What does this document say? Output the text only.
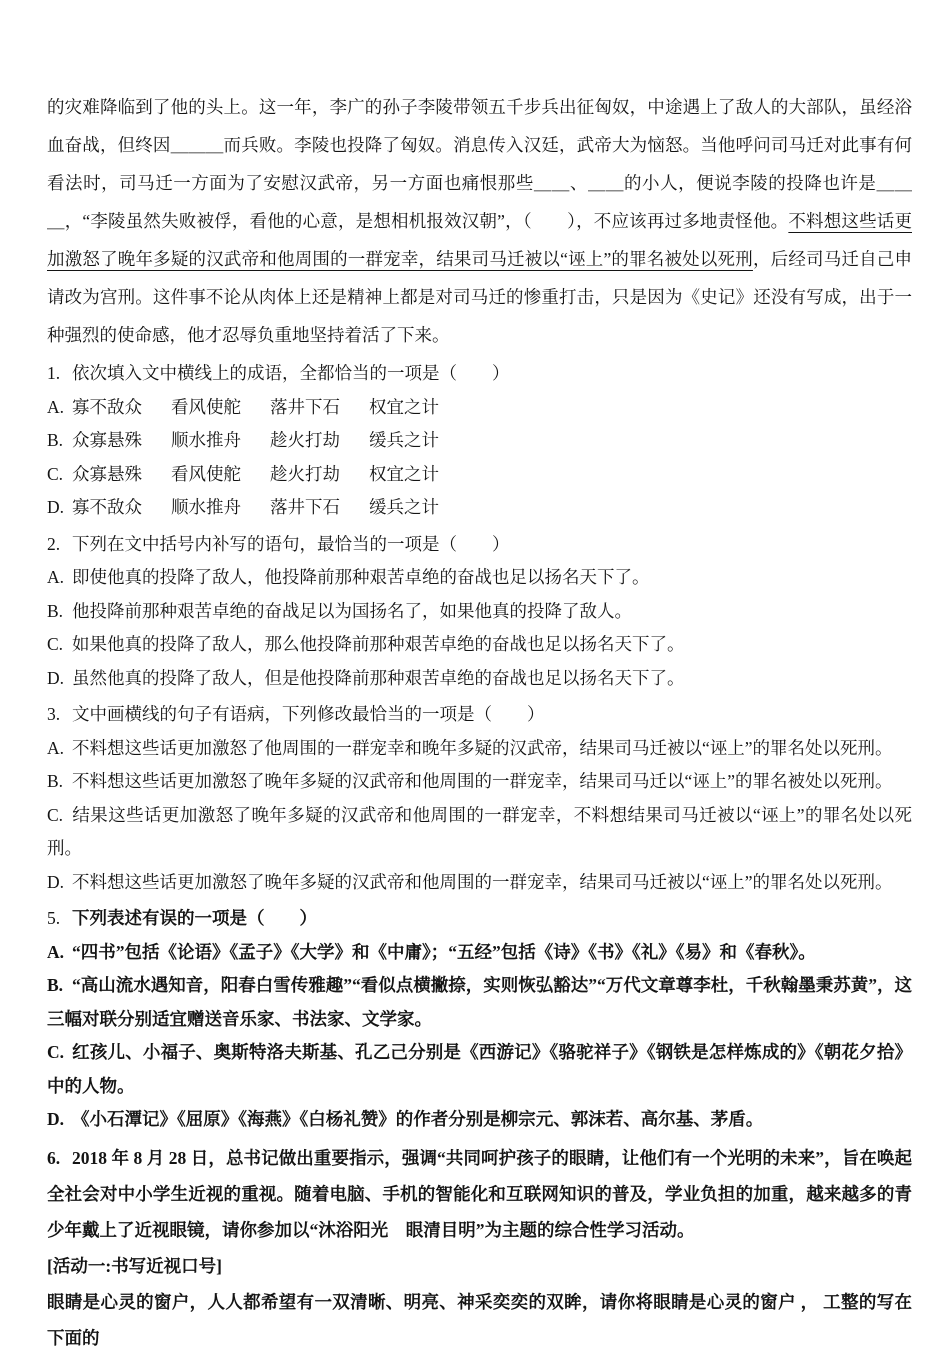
的灾难降临到了他的头上。这一年，李广的孙子李陵带领五千步兵出征匈奴，中途遇上了敌人的大部队，虽经浴血奋战，但终因＿＿＿而兵败。李陵也投降了匈奴。消息传入汉廷，武帝大为恼怒。当他呼问司马迁对此事有何看法时，司马迁一方面为了安慰汉武帝，另一方面也痛恨那些＿＿、＿＿的小人，便说李陵的投降也许是＿＿＿，“李陵虽然失败被俘，看他的心意，是想相机报效汉朝”，（　　），不应该再过多地责怪他。不料想这些话更加激怒了晚年多疑的汉武帝和他周围的一群宠幸，结果司马迁被以“诬上”的罪名被处以死刑，后经司马迁自己申请改为宫刑。这件事不论从肉体上还是精神上都是对司马迁的惨重打击，只是因为《史记》还没有写成，出于一种强烈的使命感，他才忍辱负重地坚持着活了下来。

1. 依次填入文中横线上的成语，全都恰当的一项是（　　）

A. 寡不敌众 看风使舵 落井下石 权宜之计

B. 众寡悬殊 顺水推舟 趁火打劫 缓兵之计

C. 众寡悬殊 看风使舵 趁火打劫 权宜之计

D. 寡不敌众 顺水推舟 落井下石 缓兵之计

2. 下列在文中括号内补写的语句，最恰当的一项是（　　）

A. 即使他真的投降了敌人，他投降前那种艰苦卓绝的奋战也足以扬名天下了。

B. 他投降前那种艰苦卓绝的奋战足以为国扬名了，如果他真的投降了敌人。

C. 如果他真的投降了敌人，那么他投降前那种艰苦卓绝的奋战也足以扬名天下了。

D. 虽然他真的投降了敌人，但是他投降前那种艰苦卓绝的奋战也足以扬名天下了。

3. 文中画横线的句子有语病，下列修改最恰当的一项是（　　）

A. 不料想这些话更加激怒了他周围的一群宠幸和晚年多疑的汉武帝，结果司马迁被以“诬上”的罪名处以死刑。

B. 不料想这些话更加激怒了晚年多疑的汉武帝和他周围的一群宠幸，结果司马迁以“诬上”的罪名被处以死刑。

C. 结果这些话更加激怒了晚年多疑的汉武帝和他周围的一群宠幸，不料想结果司马迁被以“诬上”的罪名处以死刑。

D. 不料想这些话更加激怒了晚年多疑的汉武帝和他周围的一群宠幸，结果司马迁被以“诬上”的罪名处以死刑。

5. 下列表述有误的一项是（　　）

A. “四书”包括《论语》《孟子》《大学》和《中庸》；“五经”包括《诗》《书》《礼》《易》和《春秋》。

B. “高山流水遇知音，阳春白雪传雅趣”“看似点横撇捺，实则恢弘豁达”“万代文章尊李杜，千秋翰墨秉苏黄”，这三幅对联分别适宜赠送音乐家、书法家、文学家。

C. 红孩儿、小福子、奥斯特洛夫斯基、孔乙己分别是《西游记》《骆驼祥子》《钢铁是怎样炼成的》《朝花夕拾》中的人物。

D. 《小石潭记》《屈原》《海燕》《白杨礼赞》的作者分别是柳宗元、郭沫若、高尔基、茅盾。

6. 2018 年 8 月 28 日，总书记做出重要指示，强调“共同呵护孩子的眼睛，让他们有一个光明的未来”，旨在唤起全社会对中小学生近视的重视。随着电脑、手机的智能化和互联网知识的普及，学业负担的加重，越来越多的青少年戴上了近视眼镜，请你参加以“沐浴阳光　眼清目明”为主题的综合性学习活动。

[活动一:书写近视口号]

眼睛是心灵的窗户，人人都希望有一双清晰、明亮、神采奕奕的双眸，请你将眼睛是心灵的窗户 ， 工整的写在下面的
